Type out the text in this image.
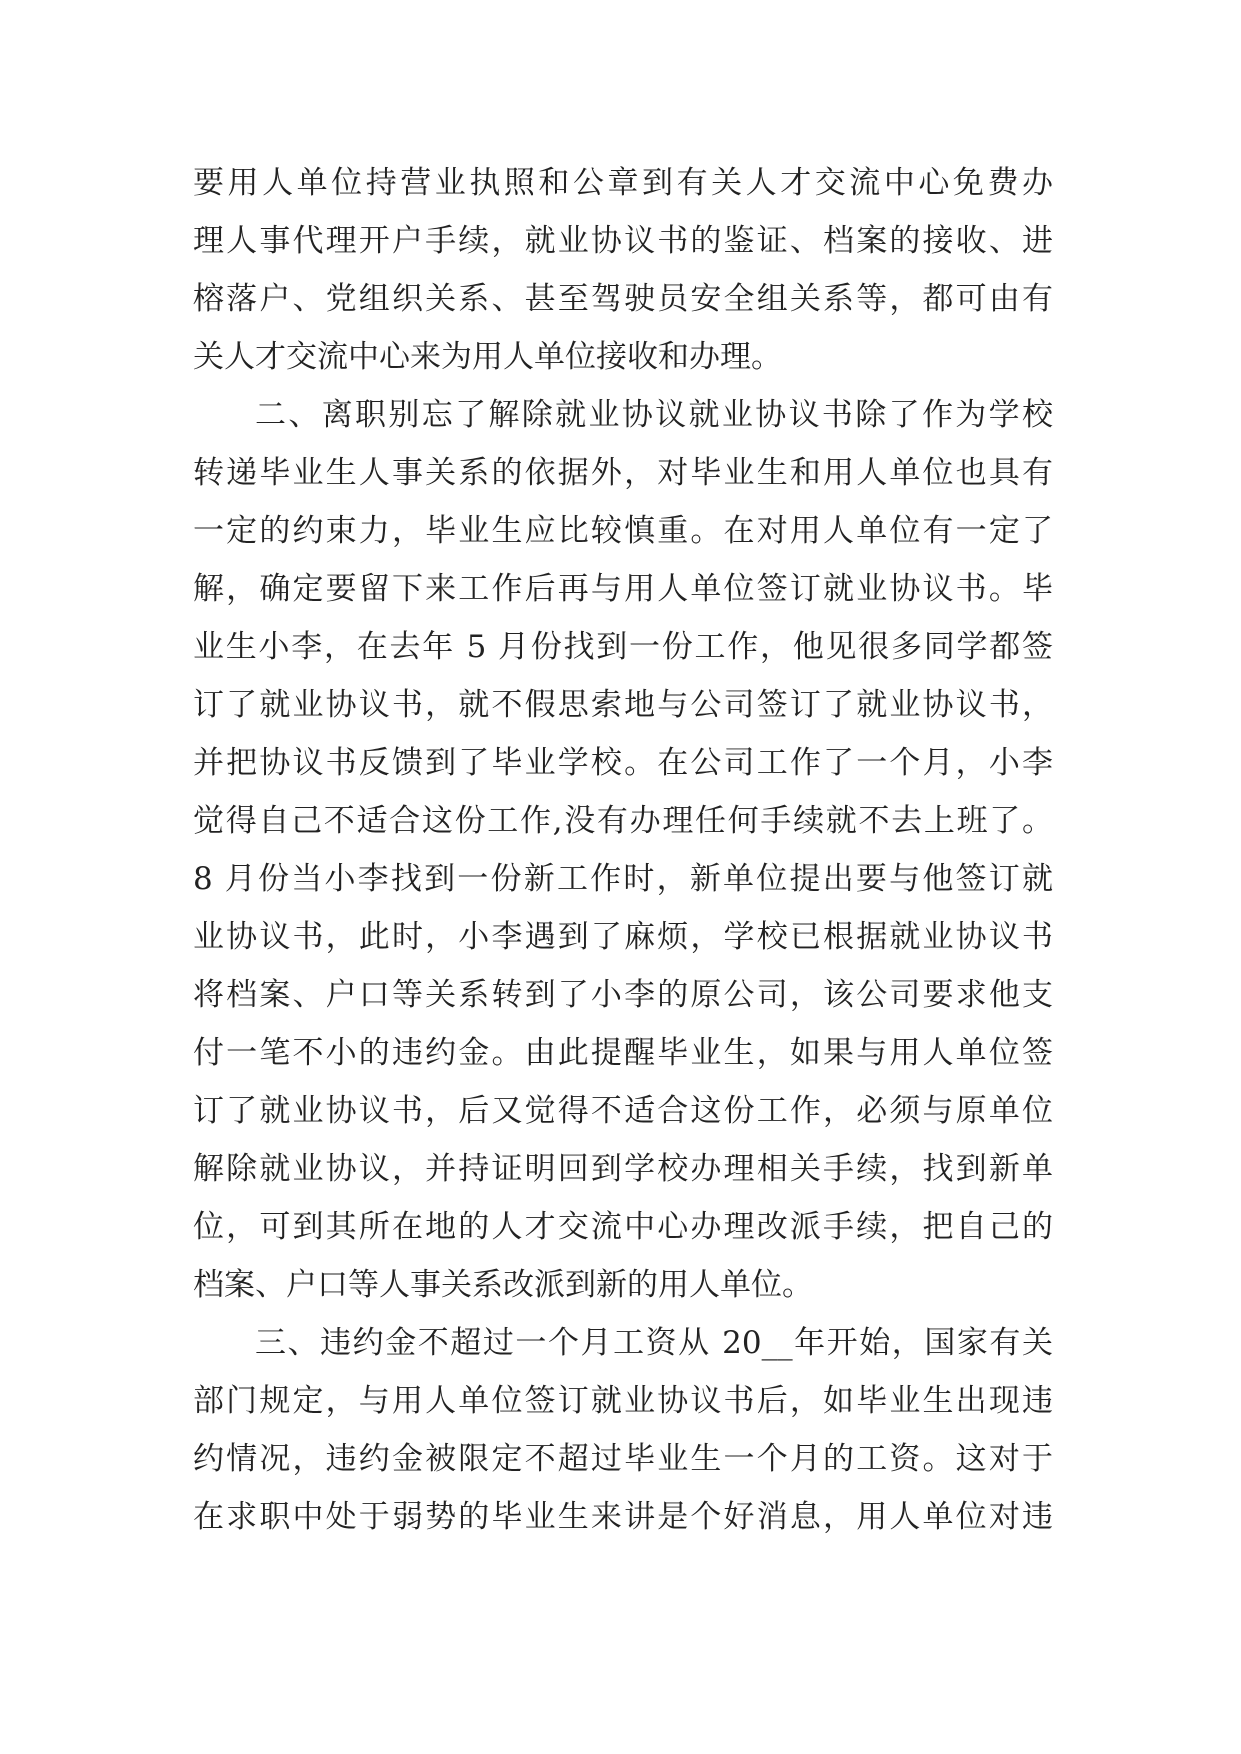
要用人单位持营业执照和公章到有关人才交流中心免费办
理人事代理开户手续，就业协议书的鉴证、档案的接收、进
榕落户、党组织关系、甚至驾驶员安全组关系等，都可由有
关人才交流中心来为用人单位接收和办理。
二、离职别忘了解除就业协议就业协议书除了作为学校
转递毕业生人事关系的依据外，对毕业生和用人单位也具有
一定的约束力，毕业生应比较慎重。在对用人单位有一定了
解，确定要留下来工作后再与用人单位签订就业协议书。毕
业生小李，在去年 5 月份找到一份工作，他见很多同学都签
订了就业协议书，就不假思索地与公司签订了就业协议书，
并把协议书反馈到了毕业学校。在公司工作了一个月，小李
觉得自己不适合这份工作,没有办理任何手续就不去上班了。
8 月份当小李找到一份新工作时，新单位提出要与他签订就
业协议书，此时，小李遇到了麻烦，学校已根据就业协议书
将档案、户口等关系转到了小李的原公司，该公司要求他支
付一笔不小的违约金。由此提醒毕业生，如果与用人单位签
订了就业协议书，后又觉得不适合这份工作，必须与原单位
解除就业协议，并持证明回到学校办理相关手续，找到新单
位，可到其所在地的人才交流中心办理改派手续，把自己的
档案、户口等人事关系改派到新的用人单位。
三、违约金不超过一个月工资从 20__年开始，国家有关
部门规定，与用人单位签订就业协议书后，如毕业生出现违
约情况，违约金被限定不超过毕业生一个月的工资。这对于
在求职中处于弱势的毕业生来讲是个好消息，用人单位对违
